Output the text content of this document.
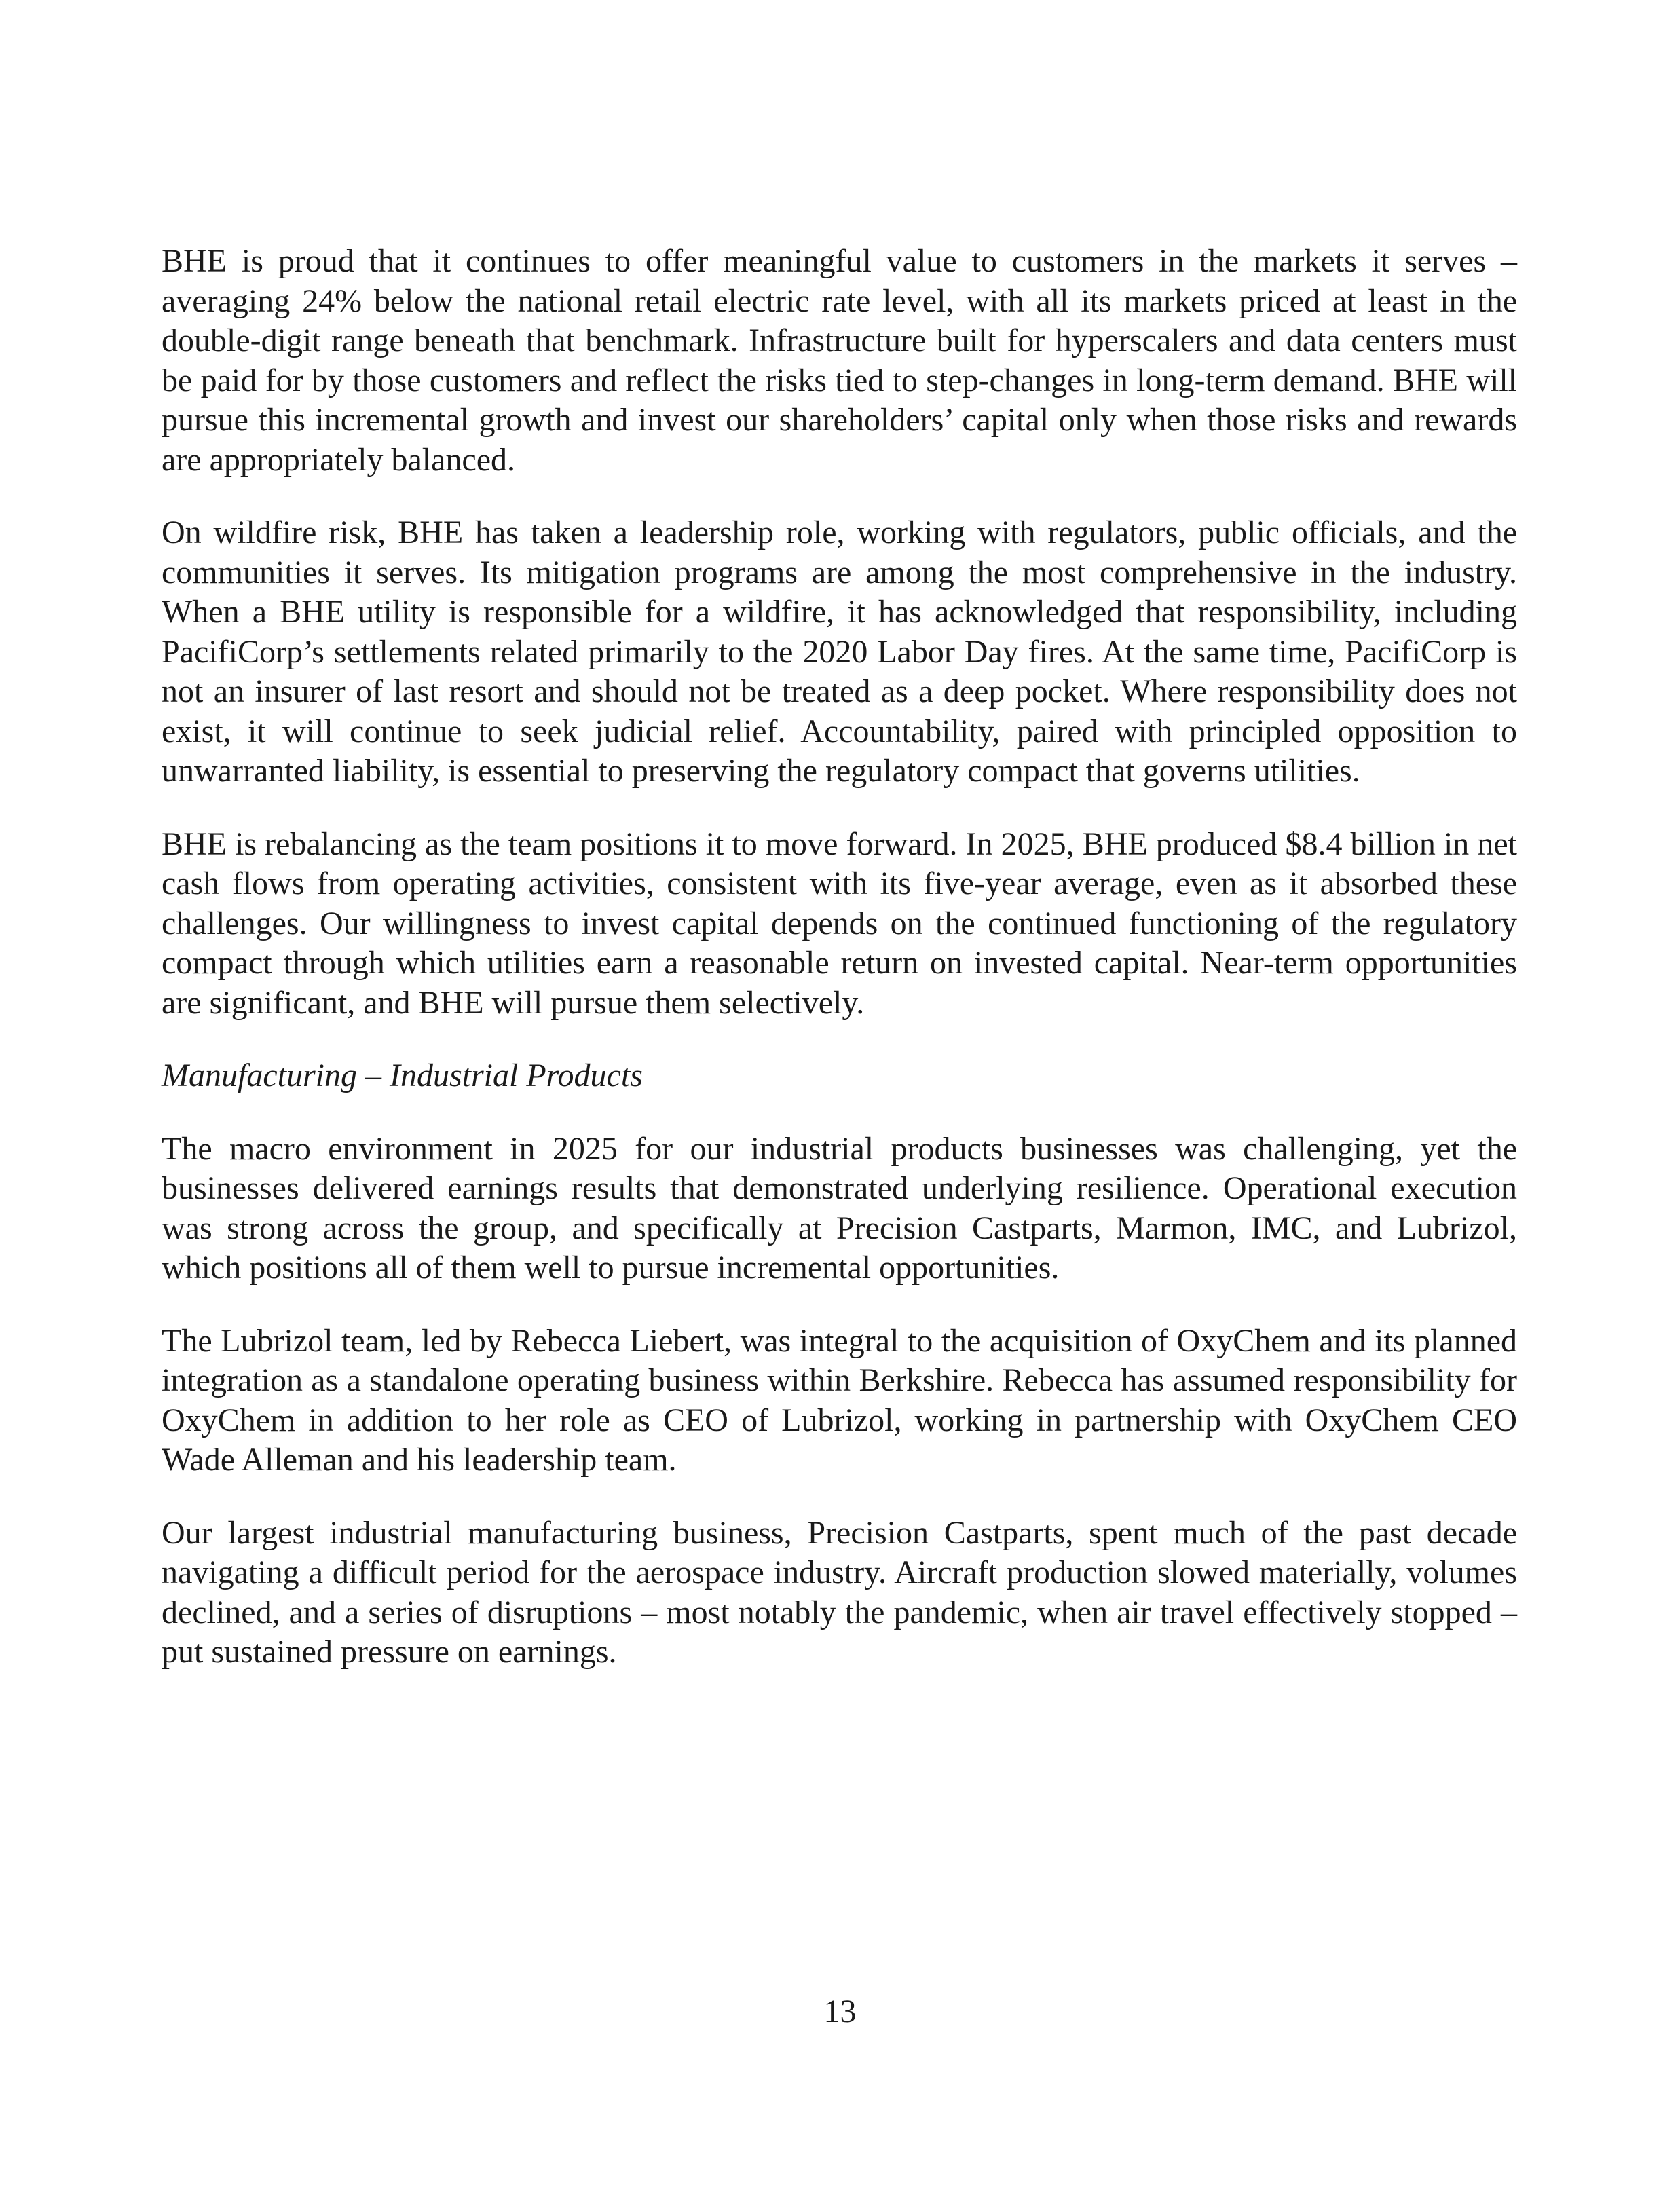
BHE is proud that it continues to offer meaningful value to customers in the markets it serves – averaging 24% below the national retail electric rate level, with all its markets priced at least in the double-digit range beneath that benchmark. Infrastructure built for hyperscalers and data centers must be paid for by those customers and reflect the risks tied to step-changes in long-term demand. BHE will pursue this incremental growth and invest our shareholders’ capital only when those risks and rewards are appropriately balanced.

On wildfire risk, BHE has taken a leadership role, working with regulators, public officials, and the communities it serves. Its mitigation programs are among the most comprehensive in the industry. When a BHE utility is responsible for a wildfire, it has acknowledged that responsibility, including PacifiCorp’s settlements related primarily to the 2020 Labor Day fires. At the same time, PacifiCorp is not an insurer of last resort and should not be treated as a deep pocket. Where responsibility does not exist, it will continue to seek judicial relief. Accountability, paired with principled opposition to unwarranted liability, is essential to preserving the regulatory compact that governs utilities.

BHE is rebalancing as the team positions it to move forward. In 2025, BHE produced $8.4 billion in net cash flows from operating activities, consistent with its five-year average, even as it absorbed these challenges. Our willingness to invest capital depends on the continued functioning of the regulatory compact through which utilities earn a reasonable return on invested capital. Near-term opportunities are significant, and BHE will pursue them selectively.

Manufacturing – Industrial Products

The macro environment in 2025 for our industrial products businesses was challenging, yet the businesses delivered earnings results that demonstrated underlying resilience. Operational execution was strong across the group, and specifically at Precision Castparts, Marmon, IMC, and Lubrizol, which positions all of them well to pursue incremental opportunities.

The Lubrizol team, led by Rebecca Liebert, was integral to the acquisition of OxyChem and its planned integration as a standalone operating business within Berkshire. Rebecca has assumed responsibility for OxyChem in addition to her role as CEO of Lubrizol, working in partnership with OxyChem CEO Wade Alleman and his leadership team.

Our largest industrial manufacturing business, Precision Castparts, spent much of the past decade navigating a difficult period for the aerospace industry. Aircraft production slowed materially, volumes declined, and a series of disruptions – most notably the pandemic, when air travel effectively stopped – put sustained pressure on earnings.

13
